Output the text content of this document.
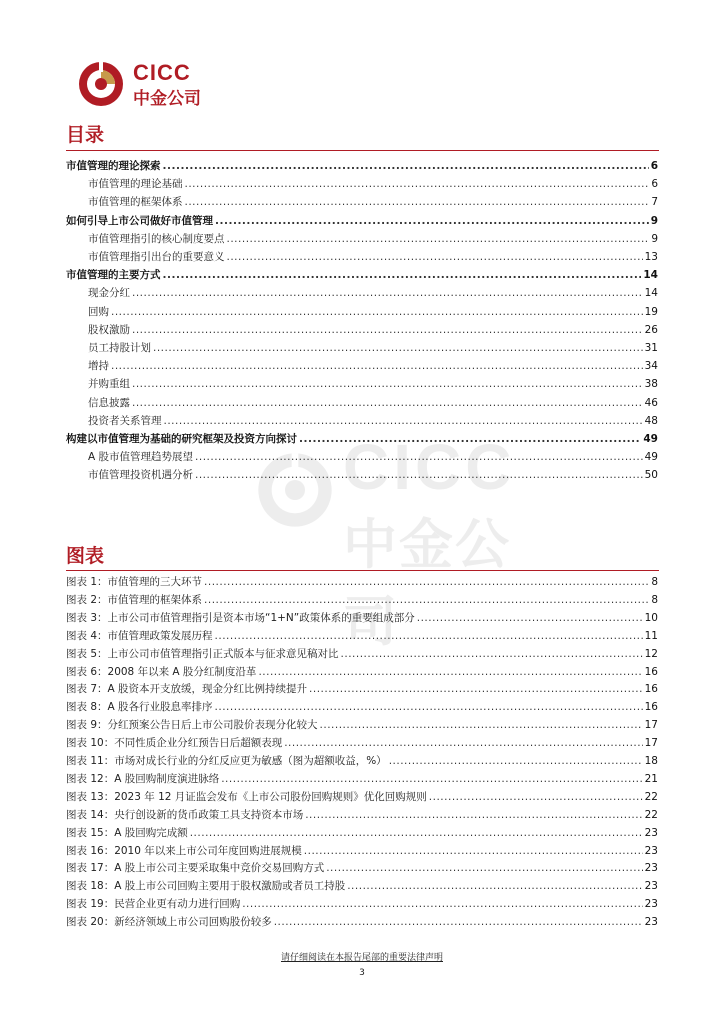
CICC
中金公司
CICC
中金公司
目录
市值管理的理论探索 .....	6
市值管理的理论基础 .....	6
市值管理的框架体系 .....	7
如何引导上市公司做好市值管理 .....	9
市值管理指引的核心制度要点 .....	9
市值管理指引出台的重要意义 .....	13
市值管理的主要方式 .....	14
现金分红 .....	14
回购 .....	19
股权激励 .....	26
员工持股计划 .....	31
增持 .....	34
并购重组 .....	38
信息披露 .....	46
投资者关系管理 .....	48
构建以市值管理为基础的研究框架及投资方向探讨 .....	49
A 股市值管理趋势展望 .....	49
市值管理投资机遇分析 .....	50
图表
图表 1：市值管理的三大环节 .....	8
图表 2：市值管理的框架体系 .....	8
图表 3：上市公司市值管理指引是资本市场“1+N”政策体系的重要组成部分 .....	10
图表 4：市值管理政策发展历程 .....	11
图表 5：上市公司市值管理指引正式版本与征求意见稿对比 .....	12
图表 6：2008 年以来 A 股分红制度沿革 .....	16
图表 7：A 股资本开支放缓，现金分红比例持续提升 .....	16
图表 8：A 股各行业股息率排序 .....	16
图表 9：分红预案公告日后上市公司股价表现分化较大 .....	17
图表 10：不同性质企业分红预告日后超额表现 .....	17
图表 11：市场对成长行业的分红反应更为敏感（图为超额收益，%） .....	18
图表 12：A 股回购制度演进脉络 .....	21
图表 13：2023 年 12 月证监会发布《上市公司股份回购规则》优化回购规则 .....	22
图表 14：央行创设新的货币政策工具支持资本市场 .....	22
图表 15：A 股回购完成额 .....	23
图表 16：2010 年以来上市公司年度回购进展规模 .....	23
图表 17：A 股上市公司主要采取集中竞价交易回购方式 .....	23
图表 18：A 股上市公司回购主要用于股权激励或者员工持股 .....	23
图表 19：民营企业更有动力进行回购 .....	23
图表 20：新经济领域上市公司回购股份较多 .....	23
请仔细阅读在本报告尾部的重要法律声明
3
